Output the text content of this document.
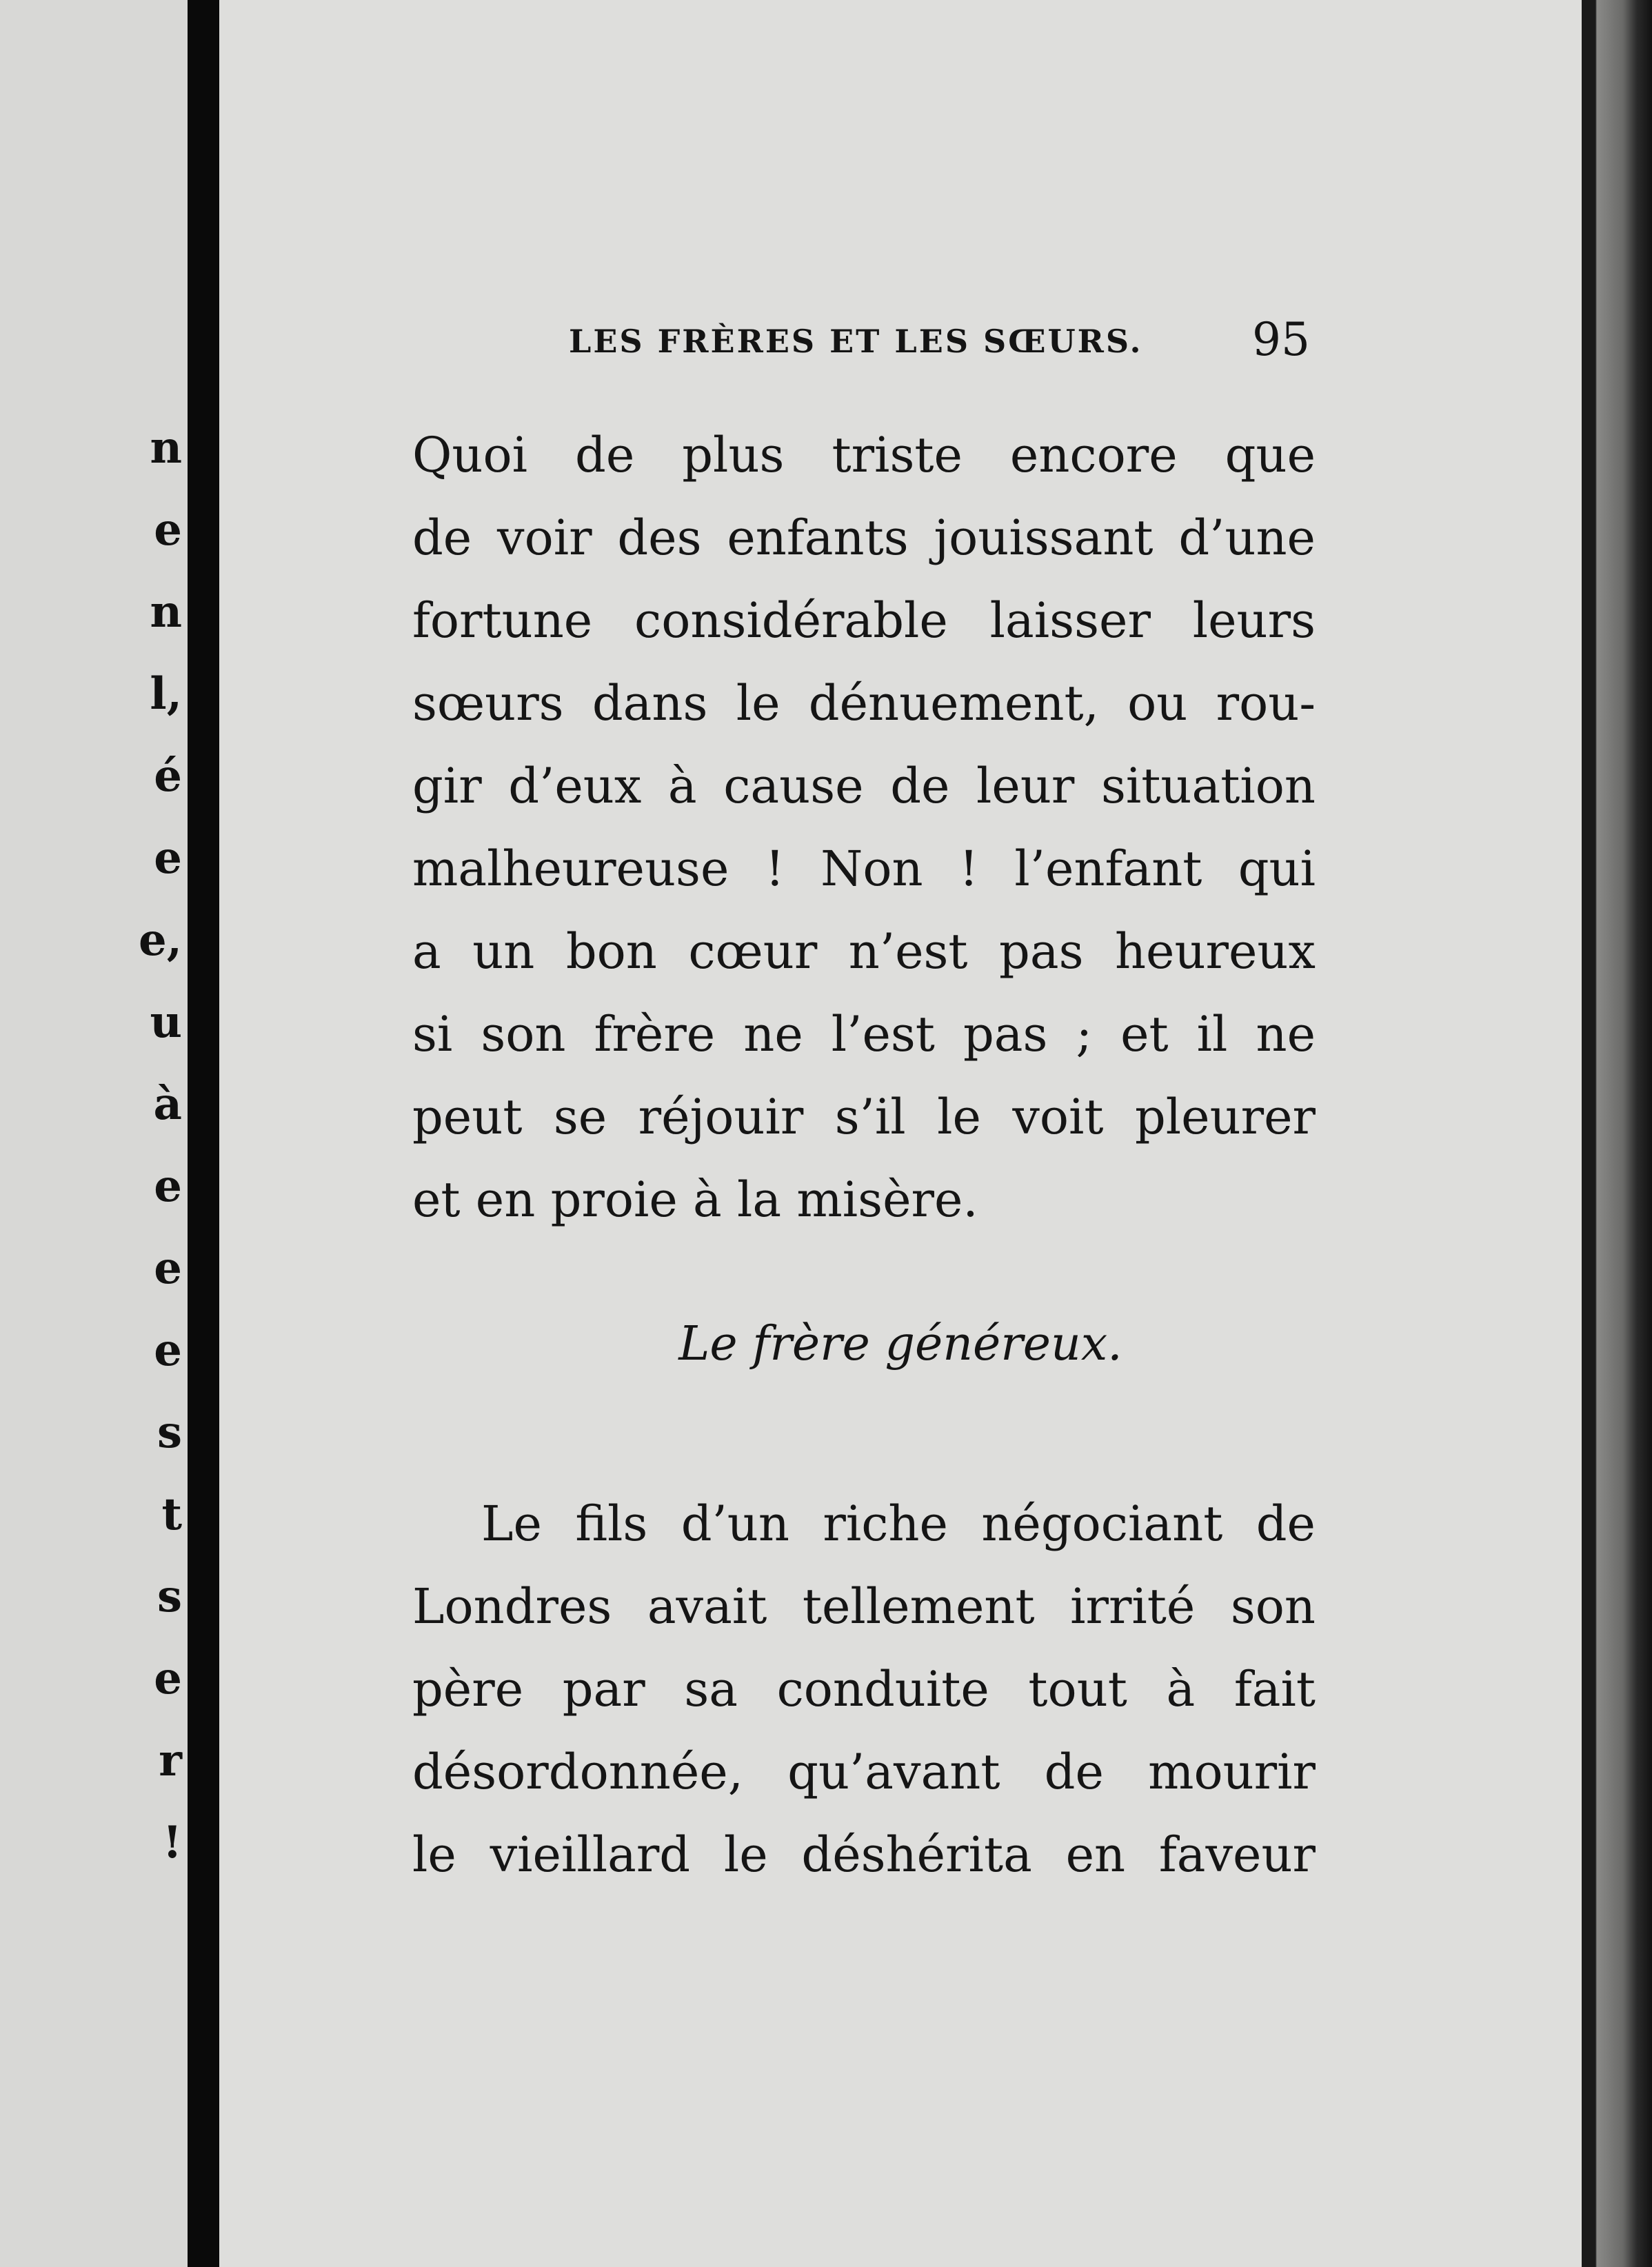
n
e
n
l,
é
e
e,
u
à
e
e
e
s
t
s
e
r
!
LES FRÈRES ET LES SŒURS. 95
Quoi de plus triste encore que
de voir des enfants jouissant d’une
fortune considérable laisser leurs
sœurs dans le dénuement, ou rou-
gir d’eux à cause de leur situation
malheureuse ! Non ! l’enfant qui
a un bon cœur n’est pas heureux
si son frère ne l’est pas ; et il ne
peut se réjouir s’il le voit pleurer
et en proie à la misère.
Le frère généreux.
Le fils d’un riche négociant de
Londres avait tellement irrité son
père par sa conduite tout à fait
désordonnée, qu’avant de mourir
le vieillard le déshérita en faveur
